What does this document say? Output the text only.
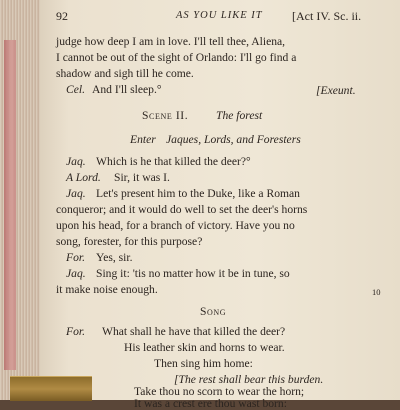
92	AS YOU LIKE IT [Act IV. Sc. ii.
judge how deep I am in love. I'll tell thee, Aliena,
I cannot be out of the sight of Orlando: I'll go find a
shadow and sigh till he come.
Cel. And I'll sleep.°	[Exeunt.
Scene II. The forest
Enter Jaques, Lords, and Foresters
Jaq. Which is he that killed the deer?°
A Lord. Sir, it was I.
Jaq. Let's present him to the Duke, like a Roman
conqueror; and it would do well to set the deer's horns
upon his head, for a branch of victory. Have you no
song, forester, for this purpose?
For. Yes, sir.
Jaq. Sing it: 'tis no matter how it be in tune, so
it make noise enough.	10
Song
For. What shall he have that killed the deer?
His leather skin and horns to wear.
Then sing him home:
[The rest shall bear this burden.
Take thou no scorn to wear the horn;
It was a crest ere thou wast born:
